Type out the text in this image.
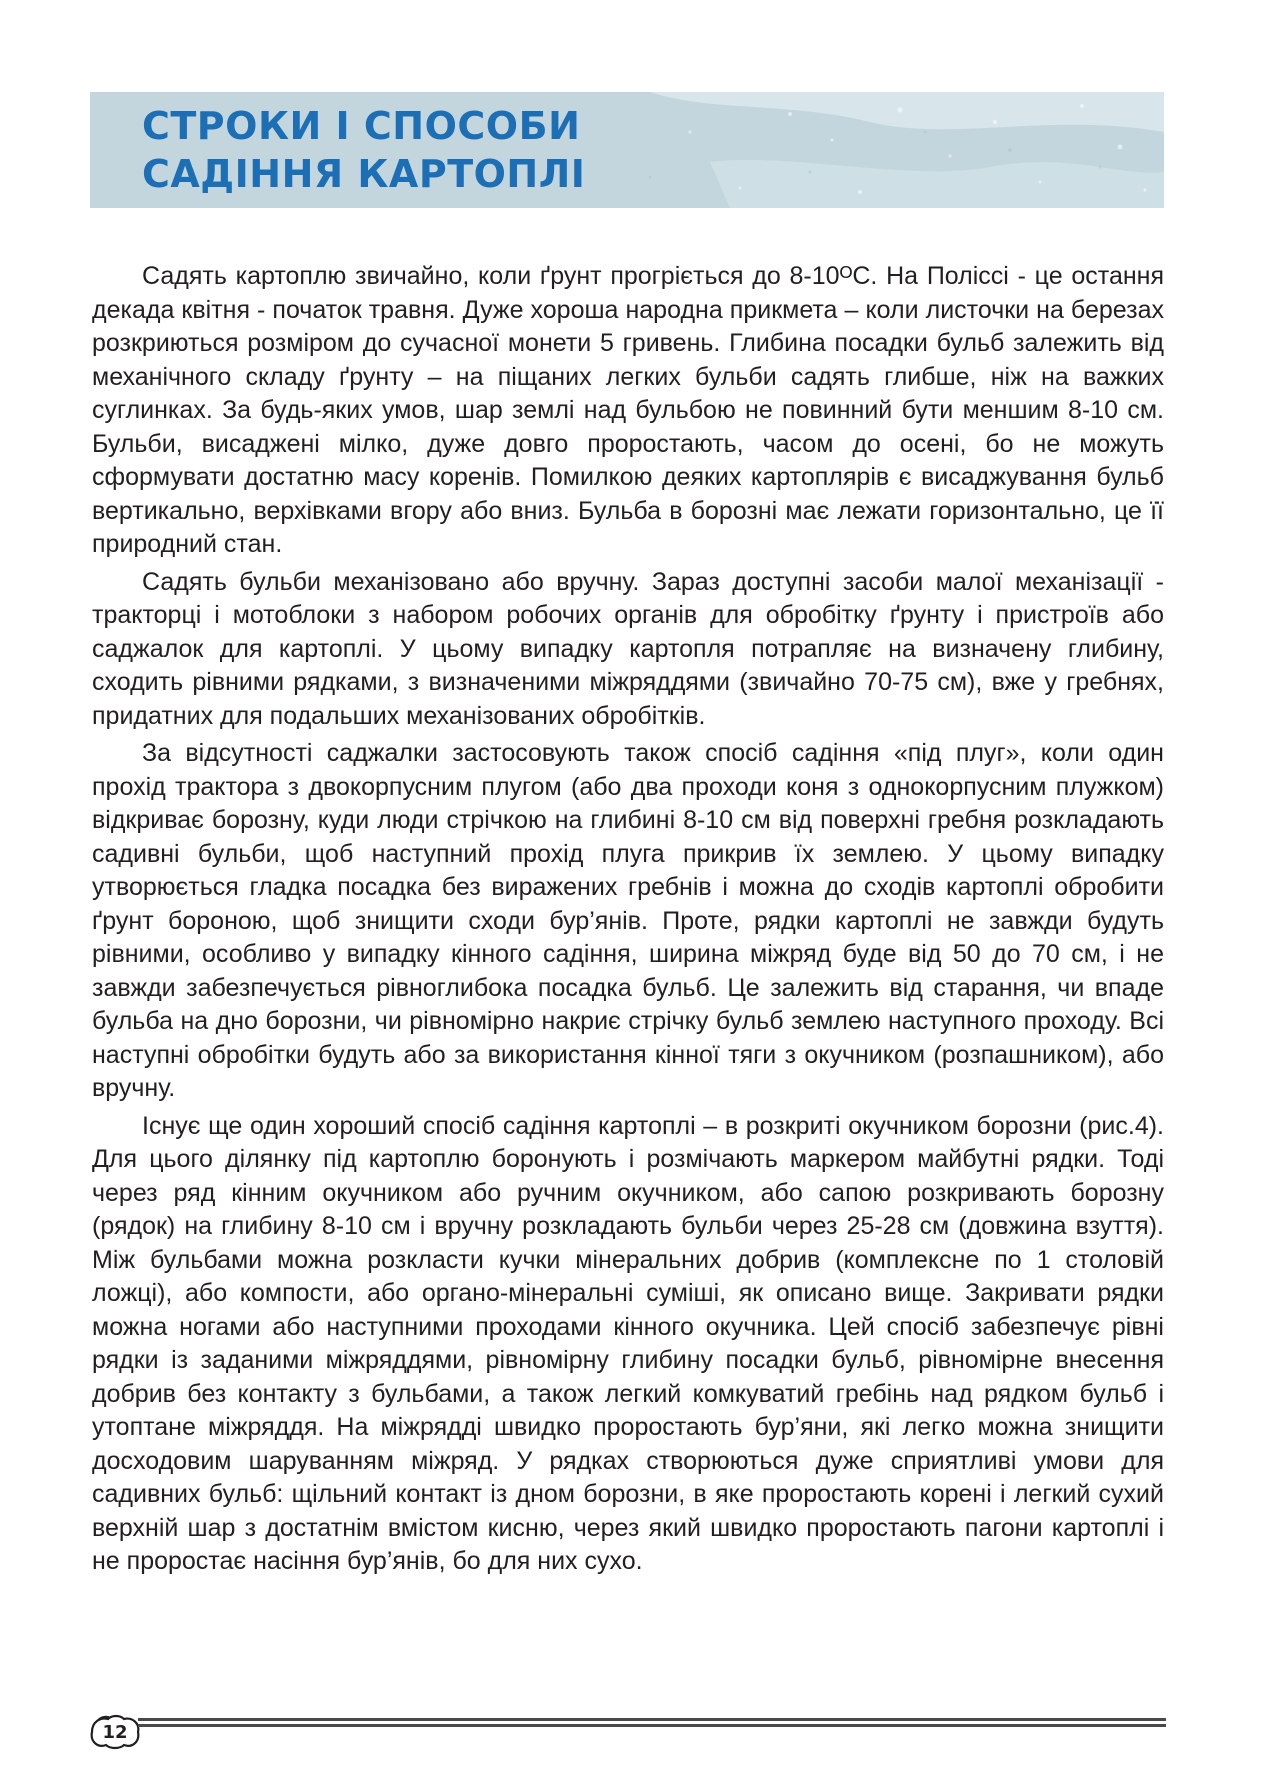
СТРОКИ І СПОСОБИ
САДІННЯ КАРТОПЛІ

Садять картоплю звичайно, коли ґрунт прогріється до 8-10ᴼС. На Поліссі - це остання декада квітня - початок травня. Дуже хороша народна прикмета – коли листочки на березах розкриються розміром до сучасної монети 5 гривень. Глибина посадки бульб залежить від механічного складу ґрунту – на піщаних легких бульби садять глибше, ніж на важких суглинках. За будь-яких умов, шар землі над бульбою не повинний бути меншим 8-10 см. Бульби, висаджені мілко, дуже довго проростають, часом до осені, бо не можуть сформувати достатню масу коренів. Помилкою деяких картоплярів є висаджування бульб вертикально, верхівками вгору або вниз. Бульба в борозні має лежати горизонтально, це її природний стан.

Садять бульби механізовано або вручну. Зараз доступні засоби малої механізації - тракторці і мотоблоки з набором робочих органів для обробітку ґрунту і пристроїв або саджалок для картоплі. У цьому випадку картопля потрапляє на визначену глибину, сходить рівними рядками, з визначеними міжряддями (звичайно 70-75 см), вже у гребнях, придатних для подальших механізованих обробітків.

За відсутності саджалки застосовують також спосіб садіння «під плуг», коли один прохід трактора з двокорпусним плугом (або два проходи коня з однокорпусним плужком) відкриває борозну, куди люди стрічкою на глибині 8-10 см від поверхні гребня розкладають садивні бульби, щоб наступний прохід плуга прикрив їх землею. У цьому випадку утворюється гладка посадка без виражених гребнів і можна до сходів картоплі обробити ґрунт бороною, щоб знищити сходи бур’янів. Проте, рядки картоплі не завжди будуть рівними, особливо у випадку кінного садіння, ширина міжряд буде від 50 до 70 см, і не завжди забезпечується рівноглибока посадка бульб. Це залежить від старання, чи впаде бульба на дно борозни, чи рівномірно накриє стрічку бульб землею наступного проходу. Всі наступні обробітки будуть або за використання кінної тяги з окучником (розпашником), або вручну.

Існує ще один хороший спосіб садіння картоплі – в розкриті окучником борозни (рис.4). Для цього ділянку під картоплю боронують і розмічають маркером майбутні рядки. Тоді через ряд кінним окучником або ручним окучником, або сапою розкривають борозну (рядок) на глибину 8-10 см і вручну розкладають бульби через 25-28 см (довжина взуття). Між бульбами можна розкласти кучки мінеральних добрив (комплексне по 1 столовій ложці), або компости, або органо-мінеральні суміші, як описано вище. Закривати рядки можна ногами або наступними проходами кінного окучника. Цей спосіб забезпечує рівні рядки із заданими міжряддями, рівномірну глибину посадки бульб, рівномірне внесення добрив без контакту з бульбами, а також легкий комкуватий гребінь над рядком бульб і утоптане міжряддя. На міжрядді швидко проростають бур’яни, які легко можна знищити досходовим шаруванням міжряд. У рядках створюються дуже сприятливі умови для садивних бульб: щільний контакт із дном борозни, в яке проростають корені і легкий сухий верхній шар з достатнім вмістом кисню, через який швидко проростають пагони картоплі і не проростає насіння бур’янів, бо для них сухо.

12
